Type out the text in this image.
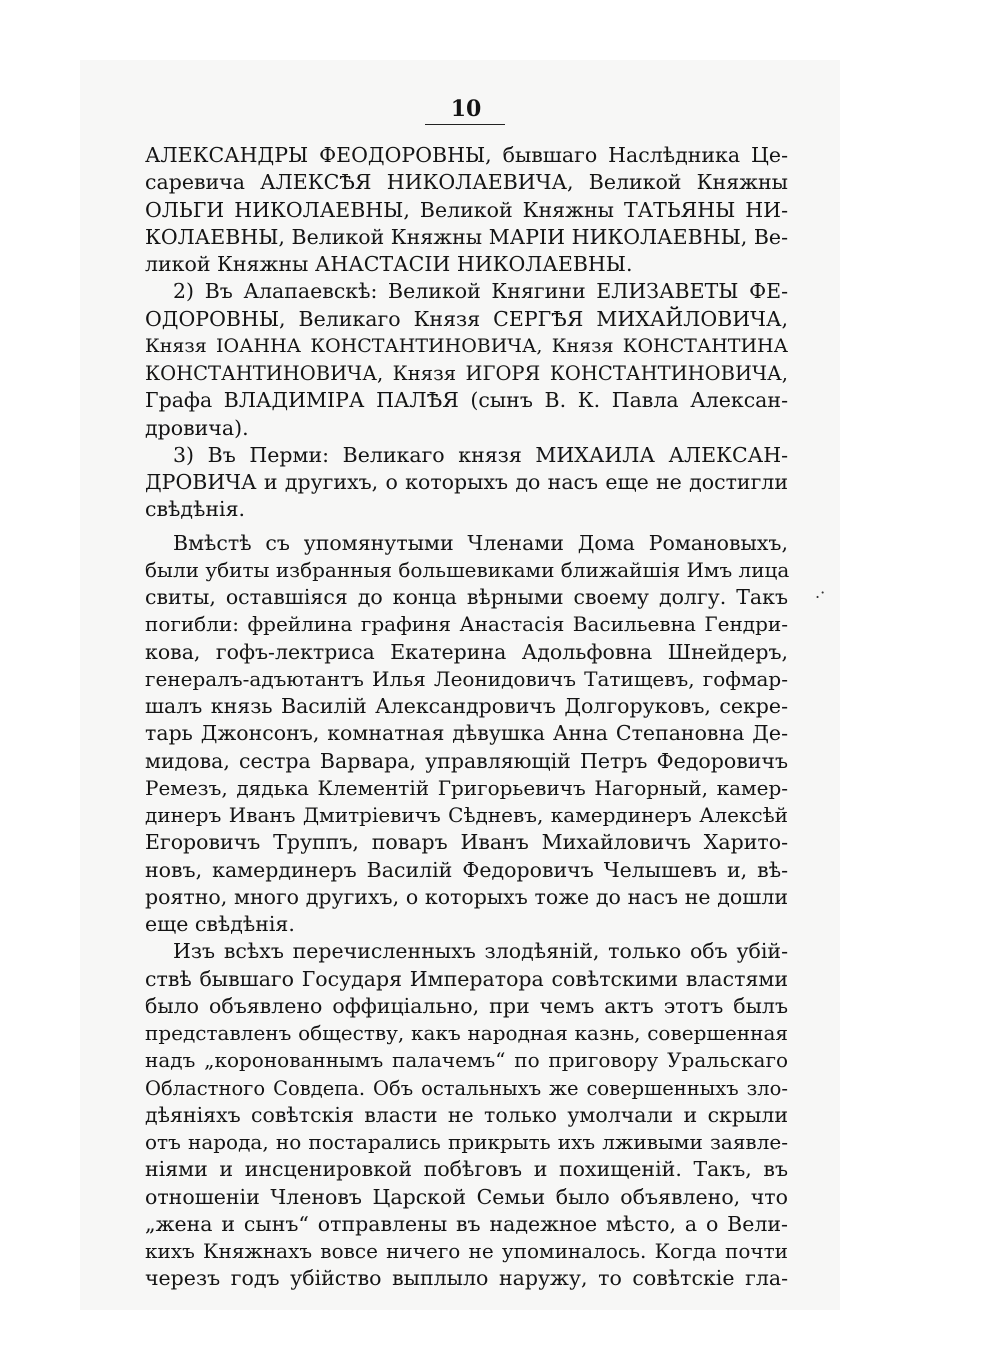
10
.·
АЛЕКСАНДРЫ ФЕОДОРОВНЫ, бывшаго Наслѣдника Це-
саревича АЛЕКСѢЯ НИКОЛАЕВИЧА, Великой Княжны
ОЛЬГИ НИКОЛАЕВНЫ, Великой Княжны ТАТЬЯНЫ НИ-
КОЛАЕВНЫ, Великой Княжны МАРІИ НИКОЛАЕВНЫ, Ве-
ликой Княжны АНАСТАСІИ НИКОЛАЕВНЫ.
2) Въ Алапаевскѣ: Великой Княгини ЕЛИЗАВЕТЫ ФЕ-
ОДОРОВНЫ, Великаго Князя СЕРГѢЯ МИХАЙЛОВИЧА,
Князя ІОАННА КОНСТАНТИНОВИЧА, Князя КОНСТАНТИНА
КОНСТАНТИНОВИЧА, Князя ИГОРЯ КОНСТАНТИНОВИЧА,
Графа ВЛАДИМІРА ПАЛѢЯ (сынъ В. К. Павла Алексан-
дровича).
3) Въ Перми: Великаго князя МИХАИЛА АЛЕКСАН-
ДРОВИЧА и другихъ, о которыхъ до насъ еще не достигли
свѣдѣнія.
Вмѣстѣ съ упомянутыми Членами Дома Романовыхъ,
были убиты избранныя большевиками ближайшія Имъ лица
свиты, оставшіяся до конца вѣрными своему долгу. Такъ
погибли: фрейлина графиня Анастасія Васильевна Гендри-
кова, гофъ-лектриса Екатерина Адольфовна Шнейдеръ,
генералъ-адъютантъ Илья Леонидовичъ Татищевъ, гофмар-
шалъ князь Василій Александровичъ Долгоруковъ, секре-
тарь Джонсонъ, комнатная дѣвушка Анна Степановна Де-
мидова, сестра Варвара, управляющій Петръ Федоровичъ
Ремезъ, дядька Клементій Григорьевичъ Нагорный, камер-
динеръ Иванъ Дмитріевичъ Сѣдневъ, камердинеръ Алексѣй
Егоровичъ Труппъ, поваръ Иванъ Михайловичъ Харито-
новъ, камердинеръ Василій Федоровичъ Челышевъ и, вѣ-
роятно, много другихъ, о которыхъ тоже до насъ не дошли
еще свѣдѣнія.
Изъ всѣхъ перечисленныхъ злодѣяній, только объ убій-
ствѣ бывшаго Государя Императора совѣтскими властями
было объявлено оффиціально, при чемъ актъ этотъ былъ
представленъ обществу, какъ народная казнь, совершенная
надъ „коронованнымъ палачемъ“ по приговору Уральскаго
Областного Совдепа. Объ остальныхъ же совершенныхъ зло-
дѣяніяхъ совѣтскія власти не только умолчали и скрыли
отъ народа, но постарались прикрыть ихъ лживыми заявле-
ніями и инсценировкой побѣговъ и похищеній. Такъ, въ
отношеніи Членовъ Царской Семьи было объявлено, что
„жена и сынъ“ отправлены въ надежное мѣсто, а о Вели-
кихъ Княжнахъ вовсе ничего не упоминалось. Когда почти
черезъ годъ убійство выплыло наружу, то совѣтскіе гла-
